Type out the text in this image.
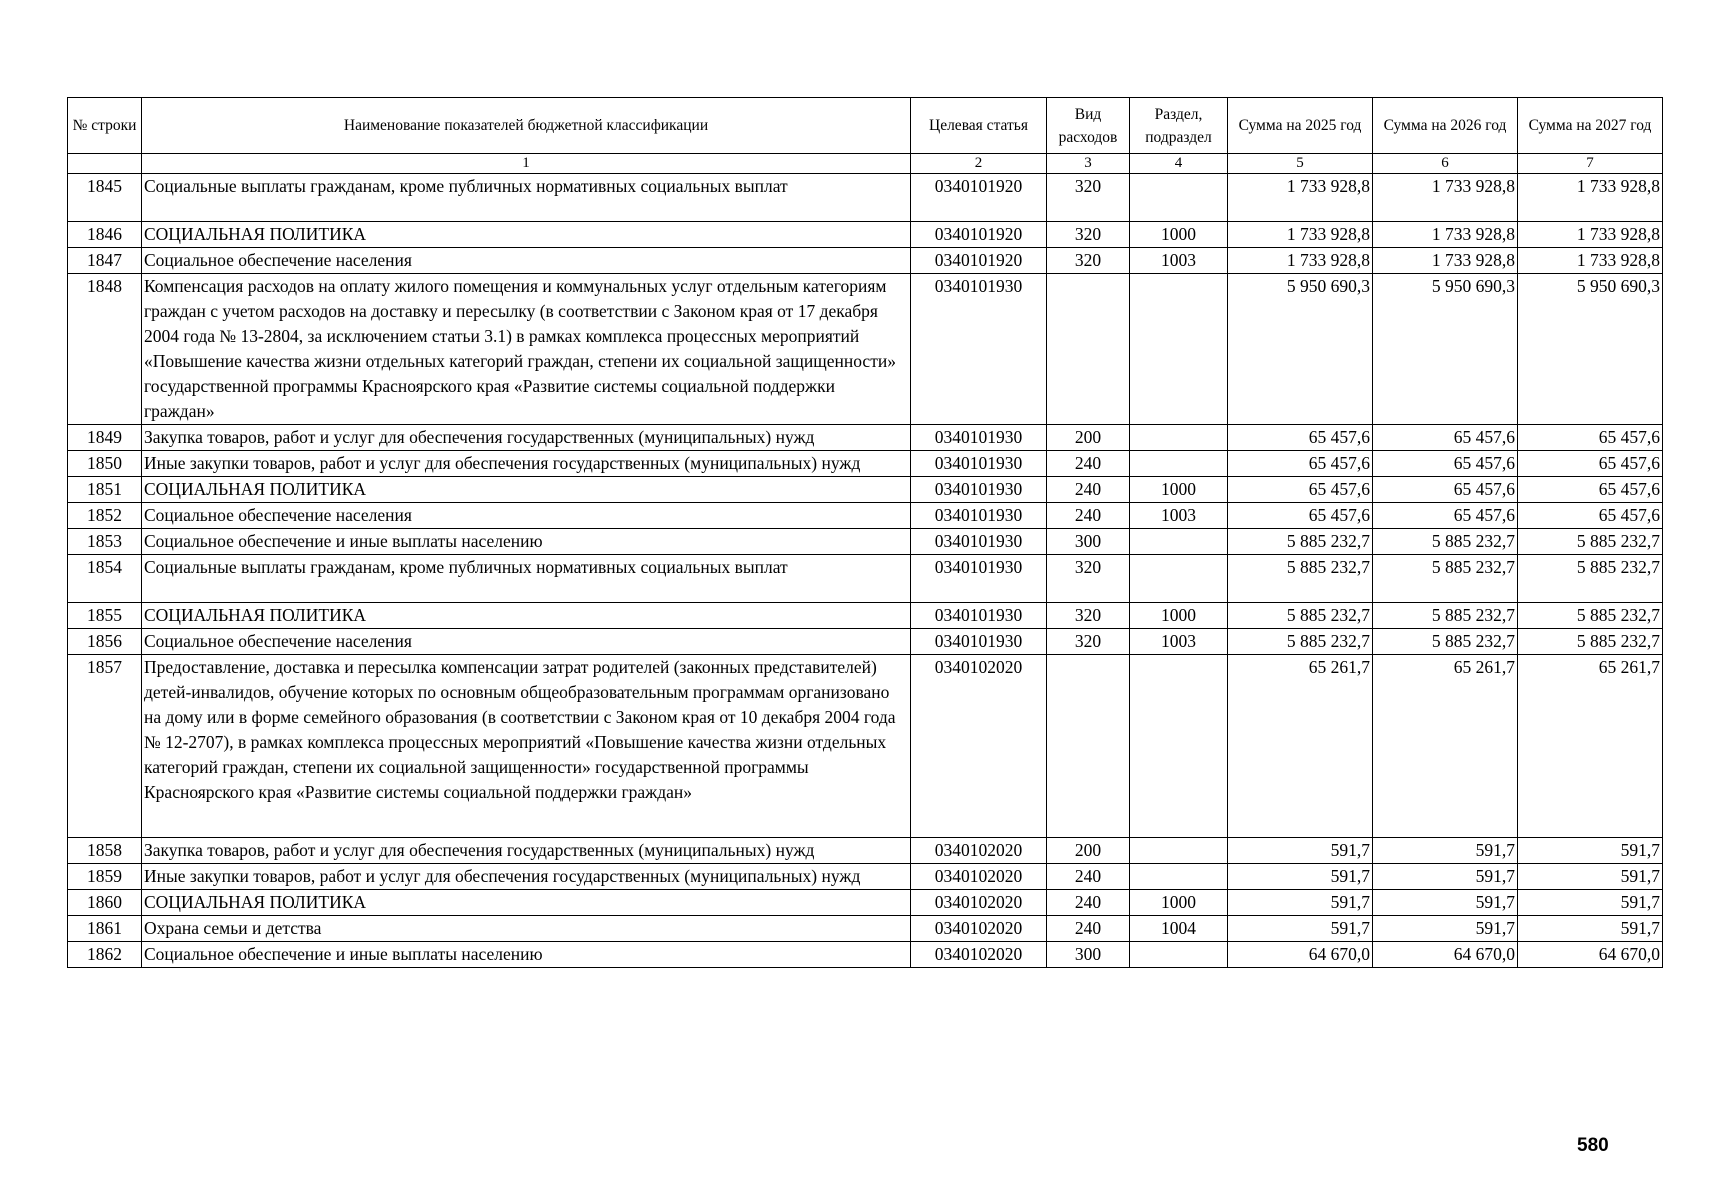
№ строки	Наименование показателей бюджетной классификации	Целевая статья	Вид расходов	Раздел, подраздел	Сумма на 2025 год	Сумма на 2026 год	Сумма на 2027 год
	1	2	3	4	5	6	7
1845	Социальные выплаты гражданам, кроме публичных нормативных социальных выплат	0340101920	320		1 733 928,8	1 733 928,8	1 733 928,8
1846	СОЦИАЛЬНАЯ ПОЛИТИКА	0340101920	320	1000	1 733 928,8	1 733 928,8	1 733 928,8
1847	Социальное обеспечение населения	0340101920	320	1003	1 733 928,8	1 733 928,8	1 733 928,8
1848	Компенсация расходов на оплату жилого помещения и коммунальных услуг отдельным категориям граждан с учетом расходов на доставку и пересылку (в соответствии с Законом края от 17 декабря 2004 года № 13-2804, за исключением статьи 3.1) в рамках комплекса процессных мероприятий «Повышение качества жизни отдельных категорий граждан, степени их социальной защищенности» государственной программы Красноярского края «Развитие системы социальной поддержки граждан»	0340101930			5 950 690,3	5 950 690,3	5 950 690,3
1849	Закупка товаров, работ и услуг для обеспечения государственных (муниципальных) нужд	0340101930	200		65 457,6	65 457,6	65 457,6
1850	Иные закупки товаров, работ и услуг для обеспечения государственных (муниципальных) нужд	0340101930	240		65 457,6	65 457,6	65 457,6
1851	СОЦИАЛЬНАЯ ПОЛИТИКА	0340101930	240	1000	65 457,6	65 457,6	65 457,6
1852	Социальное обеспечение населения	0340101930	240	1003	65 457,6	65 457,6	65 457,6
1853	Социальное обеспечение и иные выплаты населению	0340101930	300		5 885 232,7	5 885 232,7	5 885 232,7
1854	Социальные выплаты гражданам, кроме публичных нормативных социальных выплат	0340101930	320		5 885 232,7	5 885 232,7	5 885 232,7
1855	СОЦИАЛЬНАЯ ПОЛИТИКА	0340101930	320	1000	5 885 232,7	5 885 232,7	5 885 232,7
1856	Социальное обеспечение населения	0340101930	320	1003	5 885 232,7	5 885 232,7	5 885 232,7
1857	Предоставление, доставка и пересылка компенсации затрат родителей (законных представителей) детей-инвалидов, обучение которых по основным общеобразовательным программам организовано на дому или в форме семейного образования (в соответствии с Законом края от 10 декабря 2004 года № 12-2707), в рамках комплекса процессных мероприятий «Повышение качества жизни отдельных категорий граждан, степени их социальной защищенности» государственной программы Красноярского края «Развитие системы социальной поддержки граждан»	0340102020			65 261,7	65 261,7	65 261,7
1858	Закупка товаров, работ и услуг для обеспечения государственных (муниципальных) нужд	0340102020	200		591,7	591,7	591,7
1859	Иные закупки товаров, работ и услуг для обеспечения государственных (муниципальных) нужд	0340102020	240		591,7	591,7	591,7
1860	СОЦИАЛЬНАЯ ПОЛИТИКА	0340102020	240	1000	591,7	591,7	591,7
1861	Охрана семьи и детства	0340102020	240	1004	591,7	591,7	591,7
1862	Социальное обеспечение и иные выплаты населению	0340102020	300		64 670,0	64 670,0	64 670,0
580
